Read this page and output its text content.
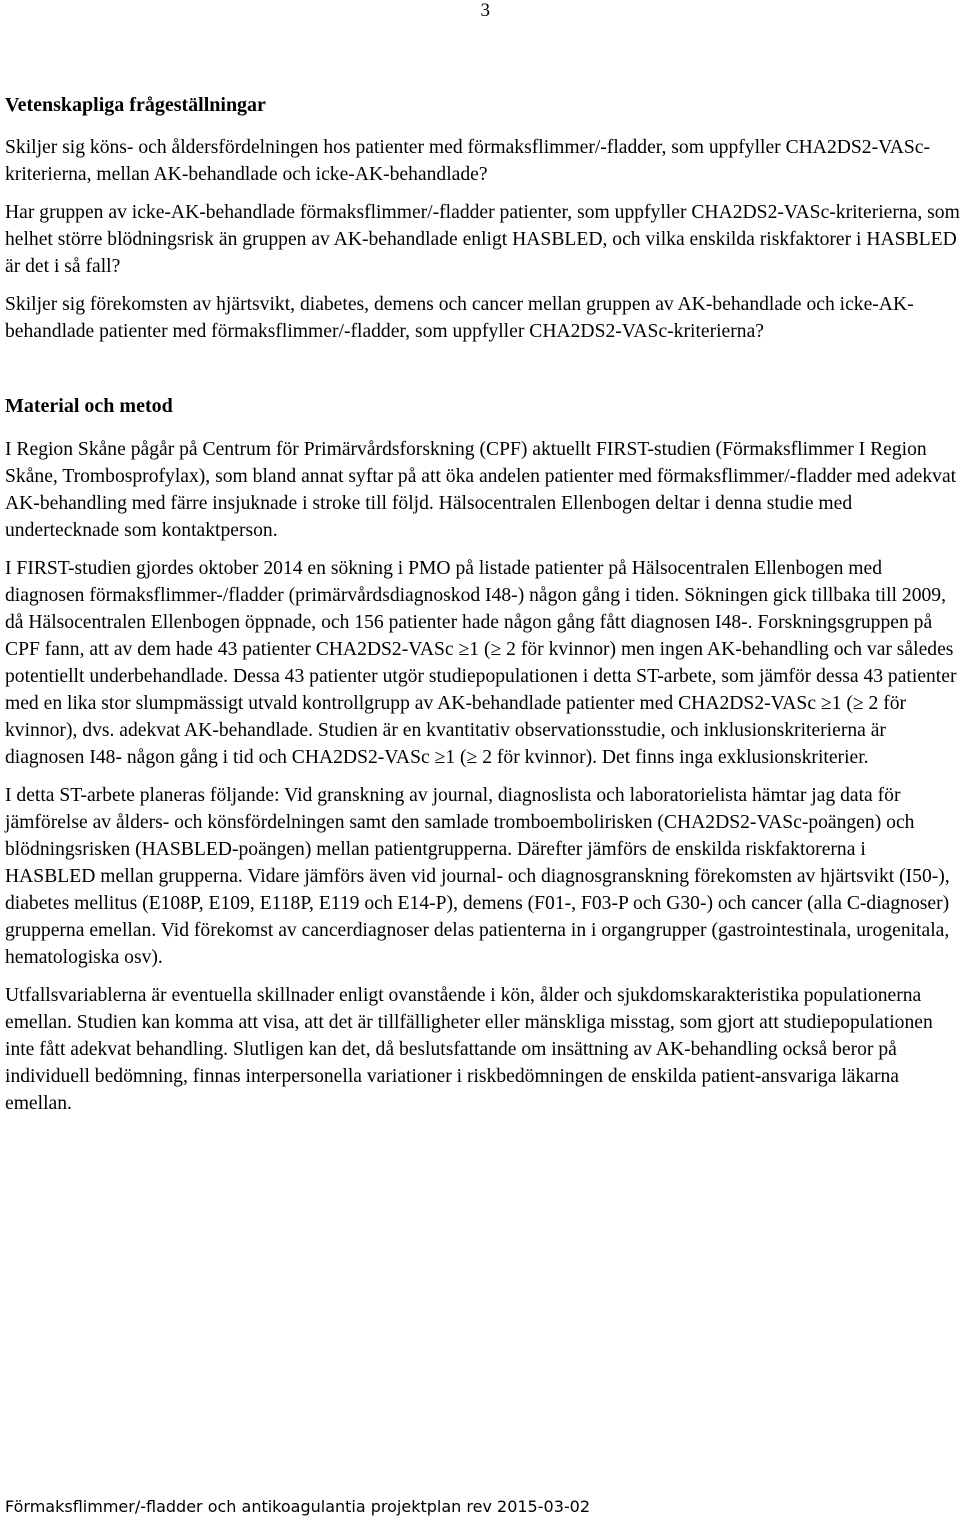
3
Vetenskapliga frågeställningar

Skiljer sig köns- och åldersfördelningen hos patienter med förmaksflimmer/-fladder, som uppfyller CHA2DS2-VASc-kriterierna, mellan AK-behandlade och icke-AK-behandlade?

Har gruppen av icke-AK-behandlade förmaksflimmer/-fladder patienter, som uppfyller CHA2DS2-VASc-kriterierna, som helhet större blödningsrisk än gruppen av AK-behandlade enligt HASBLED, och vilka enskilda riskfaktorer i HASBLED är det i så fall?

Skiljer sig förekomsten av hjärtsvikt, diabetes, demens och cancer mellan gruppen av AK-behandlade och icke-AK-behandlade patienter med förmaksflimmer/-fladder, som uppfyller CHA2DS2-VASc-kriterierna?

Material och metod

I Region Skåne pågår på Centrum för Primärvårdsforskning (CPF) aktuellt FIRST-studien (Förmaksflimmer I Region Skåne, Trombosprofylax), som bland annat syftar på att öka andelen patienter med förmaksflimmer/-fladder med adekvat AK-behandling med färre insjuknade i stroke till följd. Hälsocentralen Ellenbogen deltar i denna studie med undertecknade som kontaktperson.

I FIRST-studien gjordes oktober 2014 en sökning i PMO på listade patienter på Hälsocentralen Ellenbogen med diagnosen förmaksflimmer-/fladder (primärvårdsdiagnoskod I48-) någon gång i tiden. Sökningen gick tillbaka till 2009, då Hälsocentralen Ellenbogen öppnade, och 156 patienter hade någon gång fått diagnosen I48-. Forskningsgruppen på CPF fann, att av dem hade 43 patienter CHA2DS2-VASc ≥1 (≥ 2 för kvinnor) men ingen AK-behandling och var således potentiellt underbehandlade. Dessa 43 patienter utgör studiepopulationen i detta ST-arbete, som jämför dessa 43 patienter med en lika stor slumpmässigt utvald kontrollgrupp av AK-behandlade patienter med CHA2DS2-VASc ≥1 (≥ 2 för kvinnor), dvs. adekvat AK-behandlade. Studien är en kvantitativ observationsstudie, och inklusionskriterierna är diagnosen I48- någon gång i tid och CHA2DS2-VASc ≥1 (≥ 2 för kvinnor). Det finns inga exklusionskriterier.

I detta ST-arbete planeras följande: Vid granskning av journal, diagnoslista och laboratorielista hämtar jag data för jämförelse av ålders- och könsfördelningen samt den samlade tromboembolirisken (CHA2DS2-VASc-poängen) och blödningsrisken (HASBLED-poängen) mellan patientgrupperna. Därefter jämförs de enskilda riskfaktorerna i HASBLED mellan grupperna. Vidare jämförs även vid journal- och diagnosgranskning förekomsten av hjärtsvikt (I50-), diabetes mellitus (E108P, E109, E118P, E119 och E14-P), demens (F01-, F03-P och G30-) och cancer (alla C-diagnoser) grupperna emellan. Vid förekomst av cancerdiagnoser delas patienterna in i organgrupper (gastrointestinala, urogenitala, hematologiska osv).

Utfallsvariablerna är eventuella skillnader enligt ovanstående i kön, ålder och sjukdomskarakteristika populationerna emellan. Studien kan komma att visa, att det är tillfälligheter eller mänskliga misstag, som gjort att studiepopulationen inte fått adekvat behandling. Slutligen kan det, då beslutsfattande om insättning av AK-behandling också beror på individuell bedömning, finnas interpersonella variationer i riskbedömningen de enskilda patient-ansvariga läkarna emellan.

Förmaksflimmer/-fladder och antikoagulantia projektplan rev 2015-03-02
